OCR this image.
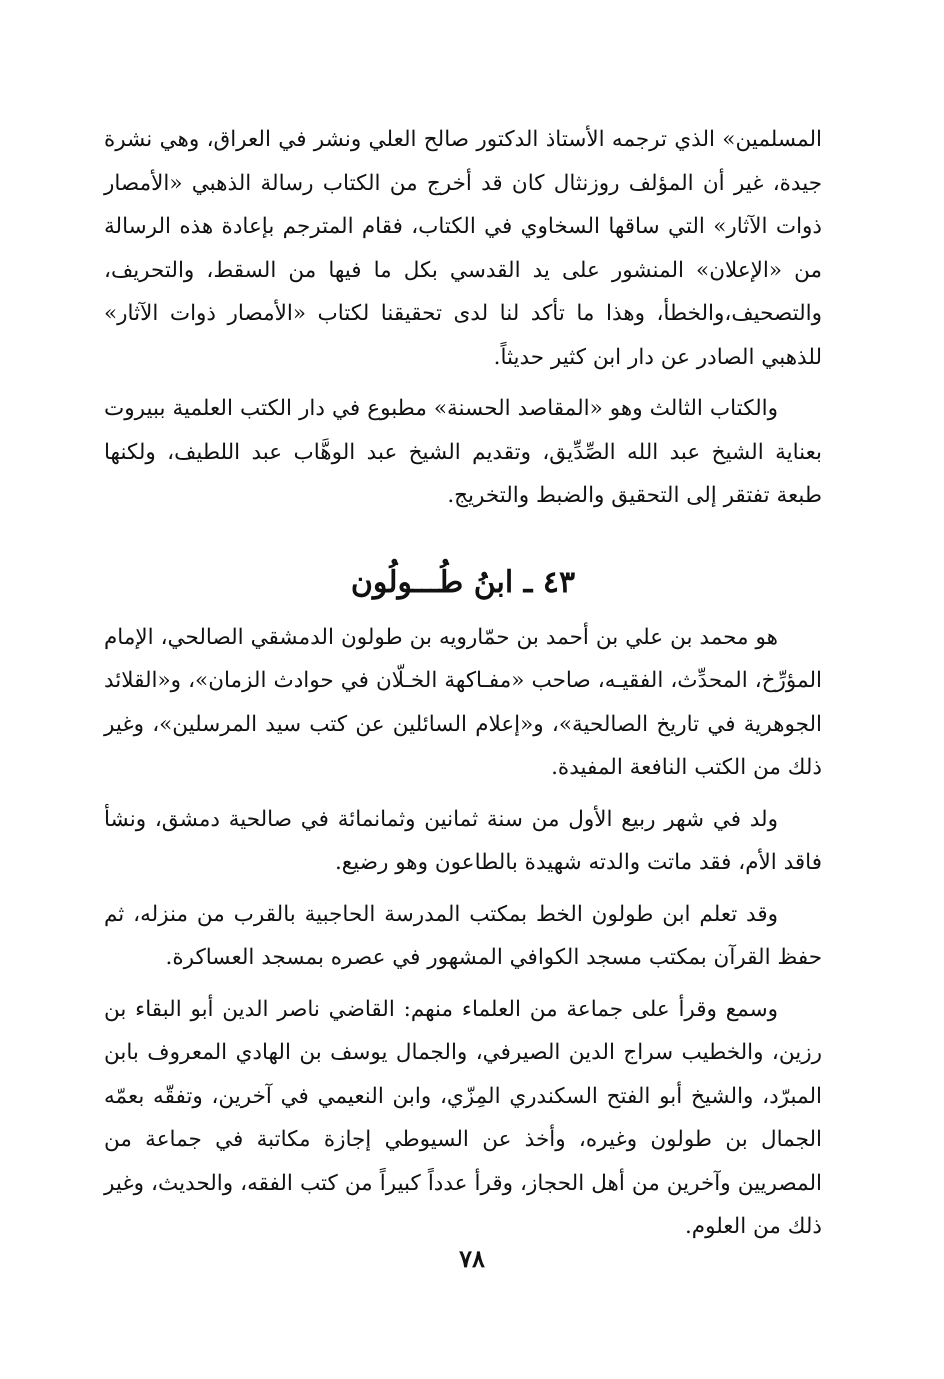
المسلمين» الذي ترجمه الأستاذ الدكتور صالح العلي ونشر في العراق، وهي نشرة جيدة، غير أن المؤلف روزنثال كان قد أخرج من الكتاب رسالة الذهبي «الأمصار ذوات الآثار» التي ساقها السخاوي في الكتاب، فقام المترجم بإعادة هذه الرسالة من «الإعلان» المنشور على يد القدسي بكل ما فيها من السقط، والتحريف، والتصحيف،والخطأ، وهذا ما تأكد لنا لدى تحقيقنا لكتاب «الأمصار ذوات الآثار» للذهبي الصادر عن دار ابن كثير حديثاً.

والكتاب الثالث وهو «المقاصد الحسنة» مطبوع في دار الكتب العلمية ببيروت بعناية الشيخ عبد الله الصِّدِّيق، وتقديم الشيخ عبد الوهَّاب عبد اللطيف، ولكنها طبعة تفتقر إلى التحقيق والضبط والتخريج.

٤٣ ـ ابنُ طُـــولُون

هو محمد بن علي بن أحمد بن حمّارويه بن طولون الدمشقي الصالحي، الإمام المؤرِّخ، المحدِّث، الفقيـه، صاحب «مفـاكهة الخـلّان في حوادث الزمان»، و«القلائد الجوهرية في تاريخ الصالحية»، و«إعلام السائلين عن كتب سيد المرسلين»، وغير ذلك من الكتب النافعة المفيدة.

ولد في شهر ربيع الأول من سنة ثمانين وثمانمائة في صالحية دمشق، ونشأ فاقد الأم، فقد ماتت والدته شهيدة بالطاعون وهو رضيع.

وقد تعلم ابن طولون الخط بمكتب المدرسة الحاجبية بالقرب من منزله، ثم حفظ القرآن بمكتب مسجد الكوافي المشهور في عصره بمسجد العساكرة.

وسمع وقرأ على جماعة من العلماء منهم: القاضي ناصر الدين أبو البقاء بن رزين، والخطيب سراج الدين الصيرفي، والجمال يوسف بن الهادي المعروف بابن المبرّد، والشيخ أبو الفتح السكندري المِزّي، وابن النعيمي في آخرين، وتفقّه بعمّه الجمال بن طولون وغيره، وأخذ عن السيوطي إجازة مكاتبة في جماعة من المصريين وآخرين من أهل الحجاز، وقرأ عدداً كبيراً من كتب الفقه، والحديث، وغير ذلك من العلوم.

٧٨
